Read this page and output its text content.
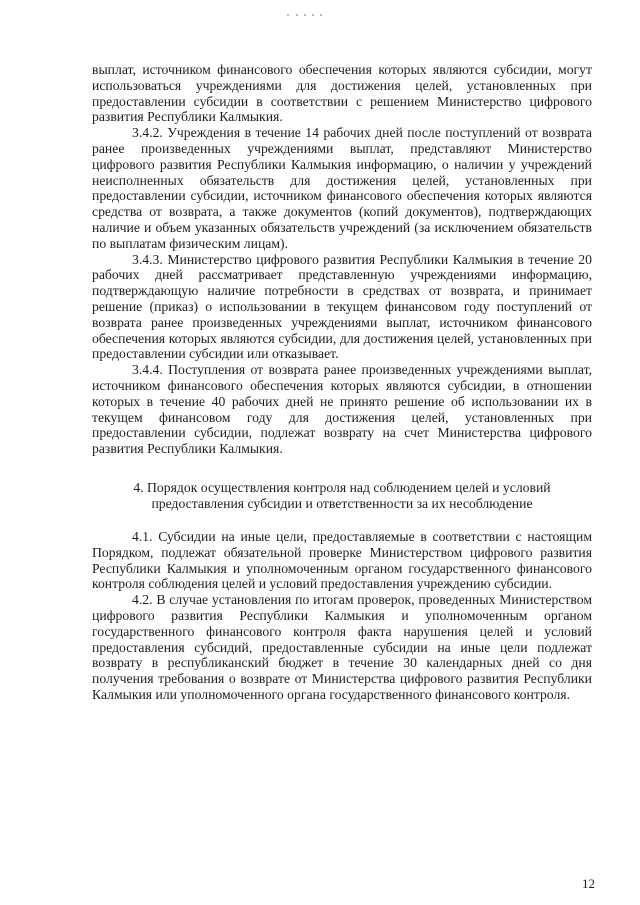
выплат, источником финансового обеспечения которых являются субсидии, могут использоваться учреждениями для достижения целей, установленных при предоставлении субсидии в соответствии с решением Министерство цифрового развития Республики Калмыкия.

3.4.2. Учреждения в течение 14 рабочих дней после поступлений от возврата ранее произведенных учреждениями выплат, представляют Министерство цифрового развития Республики Калмыкия информацию, о наличии у учреждений неисполненных обязательств для достижения целей, установленных при предоставлении субсидии, источником финансового обеспечения которых являются средства от возврата, а также документов (копий документов), подтверждающих наличие и объем указанных обязательств учреждений (за исключением обязательств по выплатам физическим лицам).

3.4.3. Министерство цифрового развития Республики Калмыкия в течение 20 рабочих дней рассматривает представленную учреждениями информацию, подтверждающую наличие потребности в средствах от возврата, и принимает решение (приказ) о использовании в текущем финансовом году поступлений от возврата ранее произведенных учреждениями выплат, источником финансового обеспечения которых являются субсидии, для достижения целей, установленных при предоставлении субсидии или отказывает.

3.4.4. Поступления от возврата ранее произведенных учреждениями выплат, источником финансового обеспечения которых являются субсидии, в отношении которых в течение 40 рабочих дней не принято решение об использовании их в текущем финансовом году для достижения целей, установленных при предоставлении субсидии, подлежат возврату на счет Министерства цифрового развития Республики Калмыкия.

4. Порядок осуществления контроля над соблюдением целей и условий
предоставления субсидии и ответственности за их несоблюдение

4.1. Субсидии на иные цели, предоставляемые в соответствии с настоящим Порядком, подлежат обязательной проверке Министерством цифрового развития Республики Калмыкия и уполномоченным органом государственного финансового контроля соблюдения целей и условий предоставления учреждению субсидии.

4.2. В случае установления по итогам проверок, проведенных Министерством цифрового развития Республики Калмыкия и уполномоченным органом государственного финансового контроля факта нарушения целей и условий предоставления субсидий, предоставленные субсидии на иные цели подлежат возврату в республиканский бюджет в течение 30 календарных дней со дня получения требования о возврате от Министерства цифрового развития Республики Калмыкия или уполномоченного органа государственного финансового контроля.

12
